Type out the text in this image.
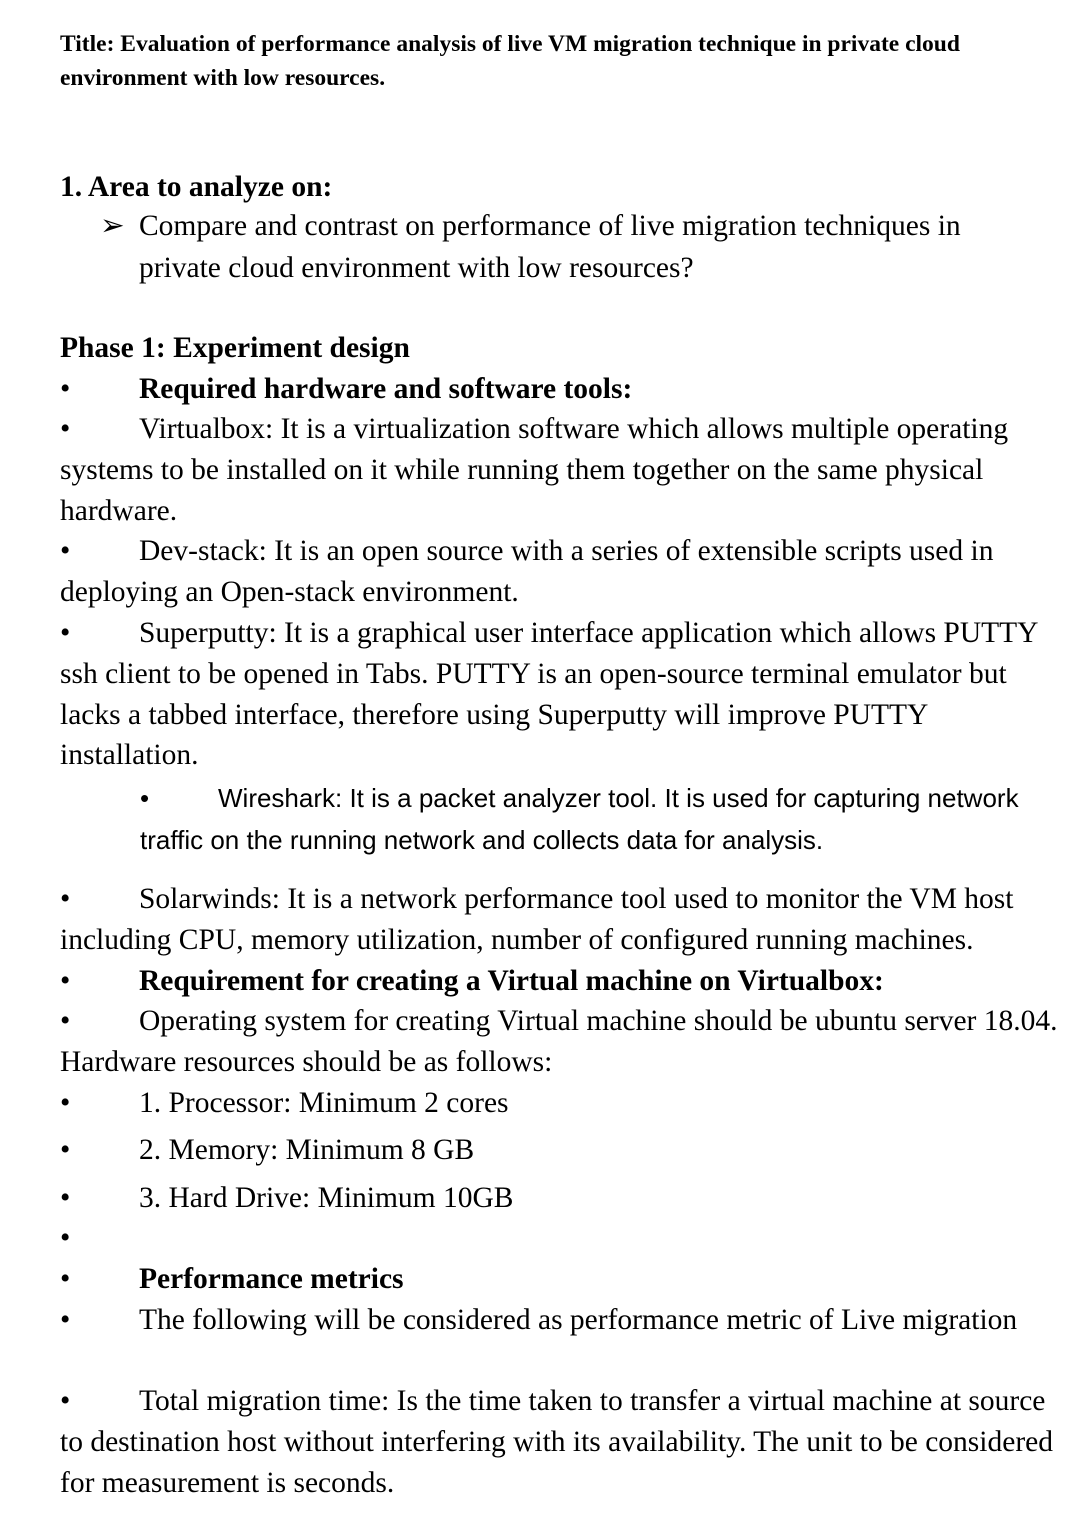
Title: Evaluation of performance analysis of live VM migration technique in private cloud environment with low resources.
1. Area to analyze on:
➢ Compare and contrast on performance of live migration techniques in private cloud environment with low resources?
Phase 1: Experiment design
• Required hardware and software tools:
• Virtualbox: It is a virtualization software which allows multiple operating systems to be installed on it while running them together on the same physical hardware.
• Dev-stack: It is an open source with a series of extensible scripts used in deploying an Open-stack environment.
• Superputty: It is a graphical user interface application which allows PUTTY ssh client to be opened in Tabs. PUTTY is an open-source terminal emulator but lacks a tabbed interface, therefore using Superputty will improve PUTTY installation.
•	Wireshark: It is a packet analyzer tool. It is used for capturing network traffic on the running network and collects data for analysis.
• Solarwinds: It is a network performance tool used to monitor the VM host including CPU, memory utilization, number of configured running machines.
• Requirement for creating a Virtual machine on Virtualbox:
• Operating system for creating Virtual machine should be ubuntu server 18.04. Hardware resources should be as follows:
• 1. Processor: Minimum 2 cores
• 2. Memory: Minimum 8 GB
• 3. Hard Drive: Minimum 10GB
•
• Performance metrics
• The following will be considered as performance metric of Live migration
• Total migration time: Is the time taken to transfer a virtual machine at source to destination host without interfering with its availability. The unit to be considered for measurement is seconds.
